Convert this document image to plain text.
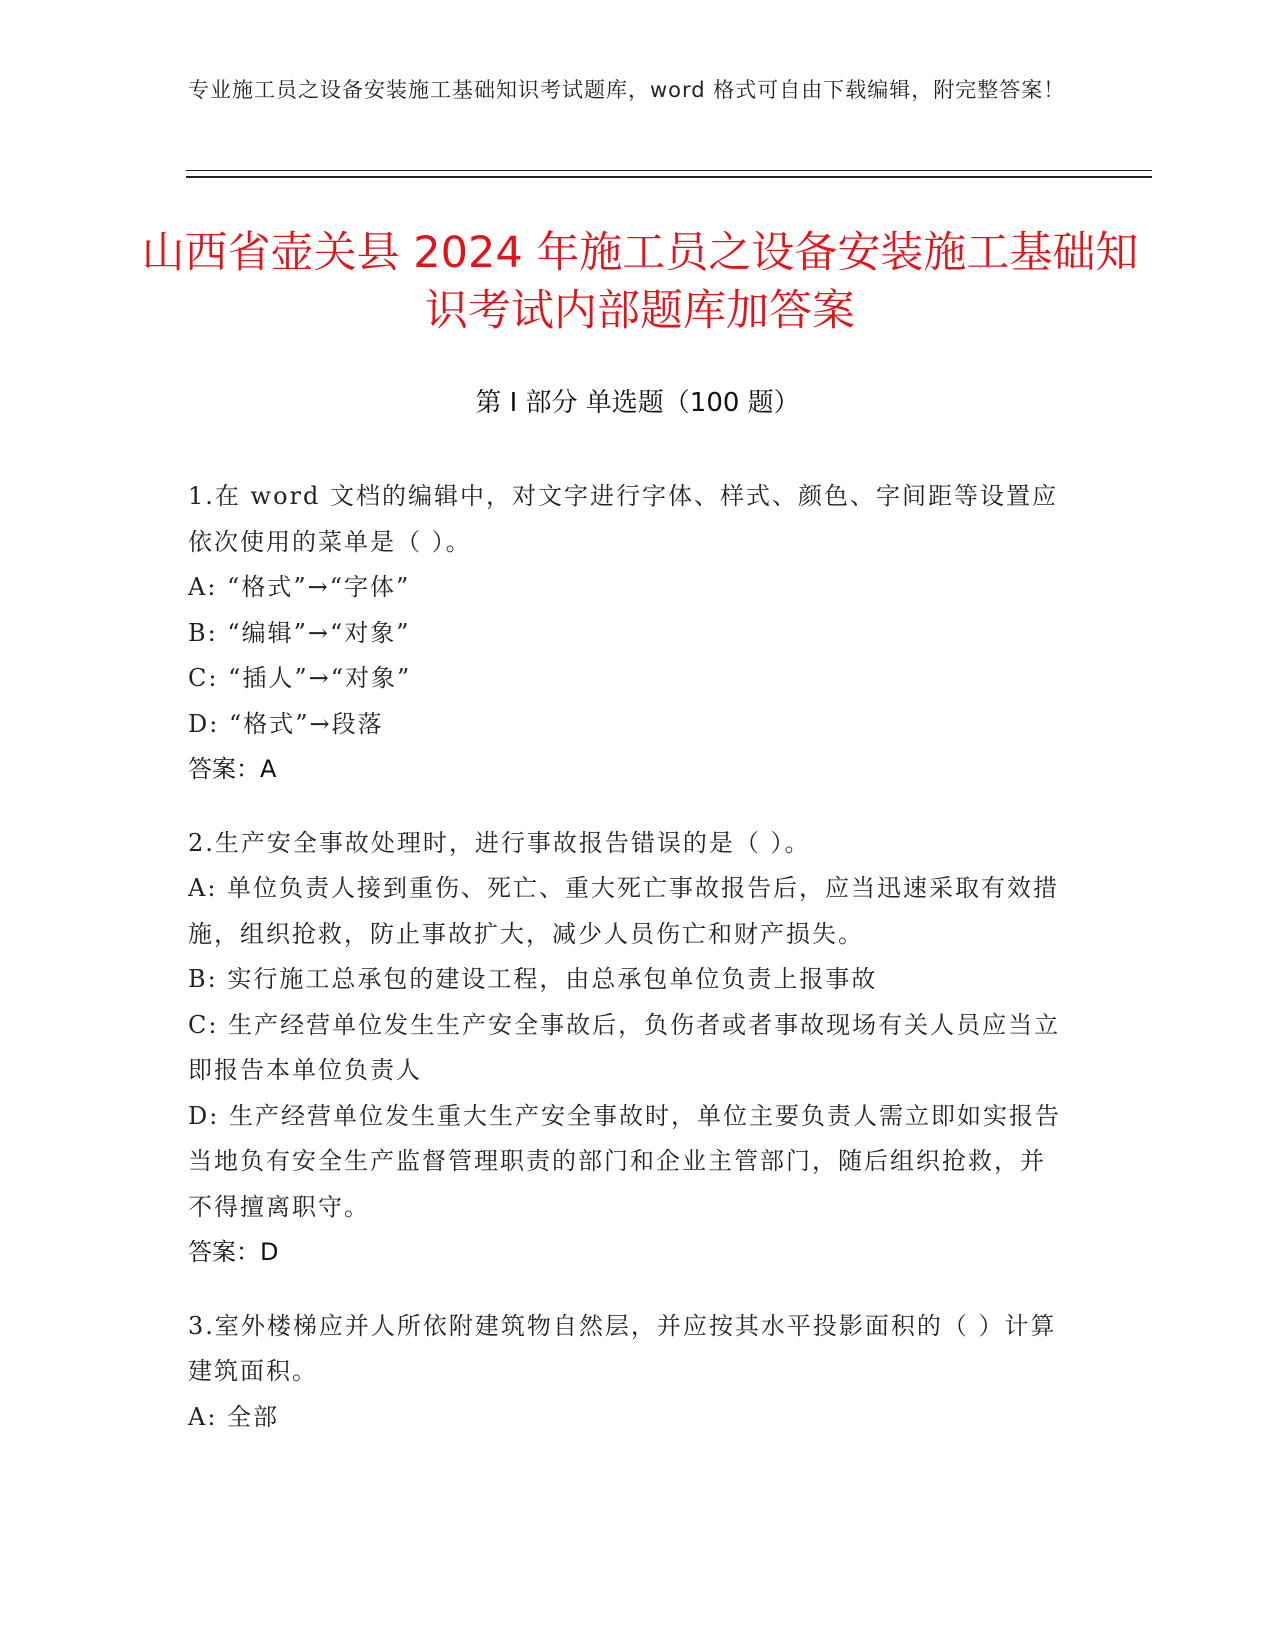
专业施工员之设备安装施工基础知识考试题库，word 格式可自由下载编辑，附完整答案！
山西省壶关县 2024 年施工员之设备安装施工基础知识考试内部题库加答案
第 I 部分 单选题（100 题）
1.在 word 文档的编辑中，对文字进行字体、样式、颜色、字间距等设置应依次使用的菜单是（ ）。
A: “格式”→“字体”
B: “编辑”→“对象”
C: “插人”→“对象”
D: “格式”→段落
答案：A
2.生产安全事故处理时，进行事故报告错误的是（ ）。
A: 单位负责人接到重伤、死亡、重大死亡事故报告后，应当迅速采取有效措施，组织抢救，防止事故扩大，减少人员伤亡和财产损失。
B: 实行施工总承包的建设工程，由总承包单位负责上报事故
C: 生产经营单位发生生产安全事故后，负伤者或者事故现场有关人员应当立即报告本单位负责人
D: 生产经营单位发生重大生产安全事故时，单位主要负责人需立即如实报告当地负有安全生产监督管理职责的部门和企业主管部门，随后组织抢救，并不得擅离职守。
答案：D
3.室外楼梯应并人所依附建筑物自然层，并应按其水平投影面积的（ ）计算建筑面积。
A: 全部
